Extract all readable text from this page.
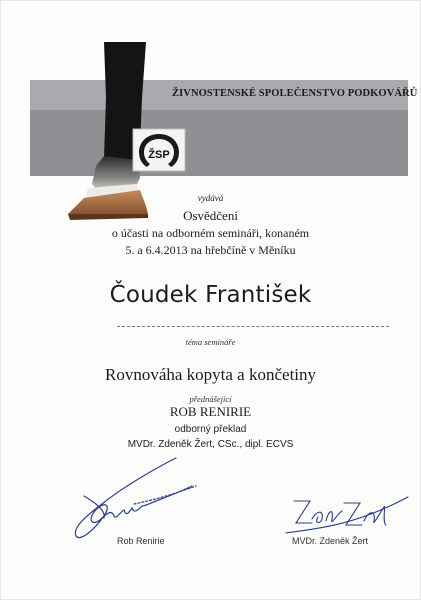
ŽIVNOSTENSKÉ SPOLEČENSTVO PODKOVÁŘŮ
ŽSP
vydává
Osvědčení
o účasti na odborném semináři, konaném
5. a 6.4.2013 na hřebčíně v Měníku
Čoudek František
téma semináře
Rovnováha kopyta a končetiny
přednášející
ROB RENIRIE
odborný překlad
MVDr. Zdeněk Žert, CSc., dipl. ECVS
Rob Renirie	MVDr. Zdeněk Žert
